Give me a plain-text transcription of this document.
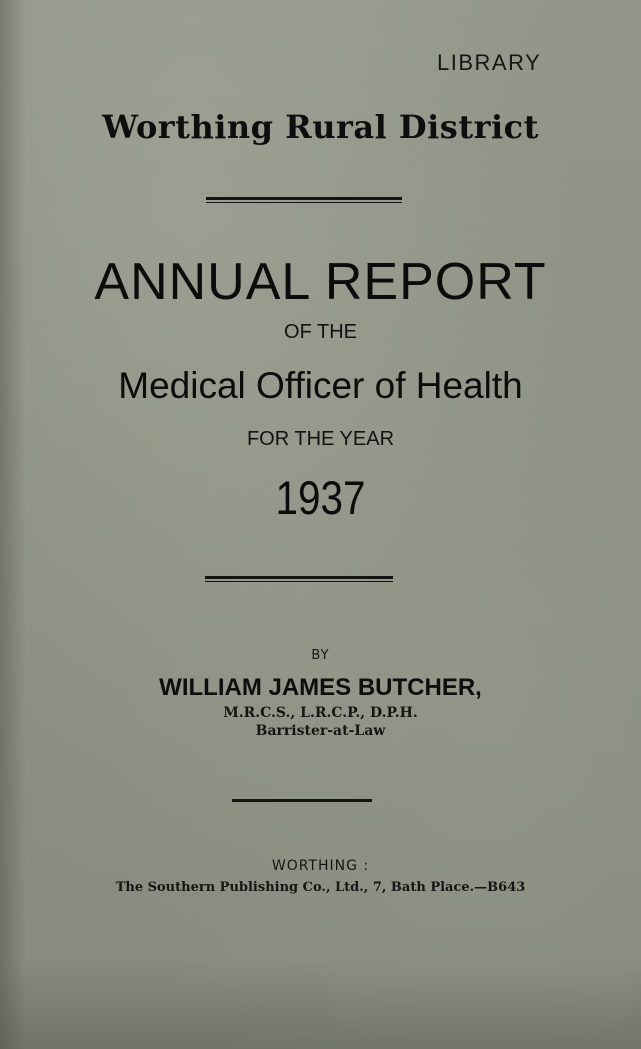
LIBRARY
Worthing Rural District
ANNUAL REPORT
OF THE
Medical Officer of Health
FOR THE YEAR
1937
BY
WILLIAM JAMES BUTCHER,
M.R.C.S., L.R.C.P., D.P.H.
Barrister-at-Law
WORTHING :
The Southern Publishing Co., Ltd., 7, Bath Place.—B643
